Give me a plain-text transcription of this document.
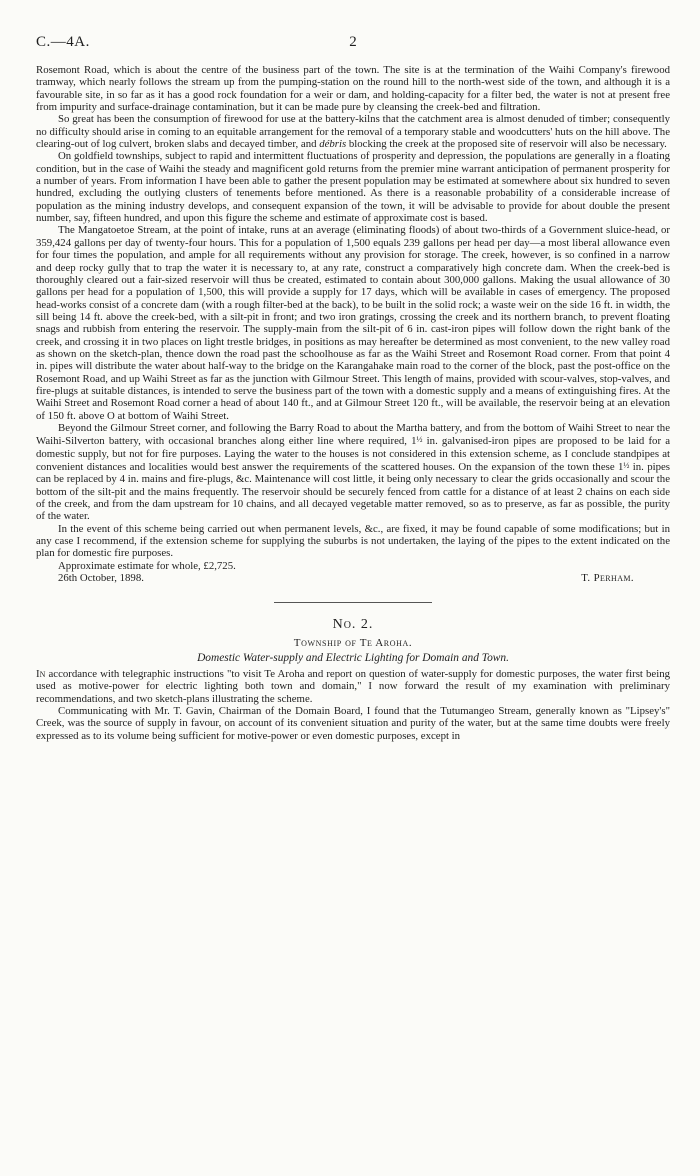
C.—4A.	2

Rosemont Road, which is about the centre of the business part of the town. The site is at the termination of the Waihi Company's firewood tramway, which nearly follows the stream up from the pumping-station on the round hill to the north-west side of the town, and although it is a favourable site, in so far as it has a good rock foundation for a weir or dam, and holding-capacity for a filter bed, the water is not at present free from impurity and surface-drainage contamination, but it can be made pure by cleansing the creek-bed and filtration.

So great has been the consumption of firewood for use at the battery-kilns that the catchment area is almost denuded of timber; consequently no difficulty should arise in coming to an equitable arrangement for the removal of a temporary stable and woodcutters' huts on the hill above. The clearing-out of log culvert, broken slabs and decayed timber, and débris blocking the creek at the proposed site of reservoir will also be necessary.

On goldfield townships, subject to rapid and intermittent fluctuations of prosperity and depression, the populations are generally in a floating condition, but in the case of Waihi the steady and magnificent gold returns from the premier mine warrant anticipation of permanent prosperity for a number of years. From information I have been able to gather the present population may be estimated at somewhere about six hundred to seven hundred, excluding the outlying clusters of tenements before mentioned. As there is a reasonable probability of a considerable increase of population as the mining industry develops, and consequent expansion of the town, it will be advisable to provide for about double the present number, say, fifteen hundred, and upon this figure the scheme and estimate of approximate cost is based.

The Mangatoetoe Stream, at the point of intake, runs at an average (eliminating floods) of about two-thirds of a Government sluice-head, or 359,424 gallons per day of twenty-four hours. This for a population of 1,500 equals 239 gallons per head per day—a most liberal allowance even for four times the population, and ample for all requirements without any provision for storage. The creek, however, is so confined in a narrow and deep rocky gully that to trap the water it is necessary to, at any rate, construct a comparatively high concrete dam. When the creek-bed is thoroughly cleared out a fair-sized reservoir will thus be created, estimated to contain about 300,000 gallons. Making the usual allowance of 30 gallons per head for a population of 1,500, this will provide a supply for 17 days, which will be available in cases of emergency. The proposed head-works consist of a concrete dam (with a rough filter-bed at the back), to be built in the solid rock; a waste weir on the side 16 ft. in width, the sill being 14 ft. above the creek-bed, with a silt-pit in front; and two iron gratings, crossing the creek and its northern branch, to prevent floating snags and rubbish from entering the reservoir. The supply-main from the silt-pit of 6 in. cast-iron pipes will follow down the right bank of the creek, and crossing it in two places on light trestle bridges, in positions as may hereafter be determined as most convenient, to the new valley road as shown on the sketch-plan, thence down the road past the schoolhouse as far as the Waihi Street and Rosemont Road corner. From that point 4 in. pipes will distribute the water about half-way to the bridge on the Karangahake main road to the corner of the block, past the post-office on the Rosemont Road, and up Waihi Street as far as the junction with Gilmour Street. This length of mains, provided with scour-valves, stop-valves, and fire-plugs at suitable distances, is intended to serve the business part of the town with a domestic supply and a means of extinguishing fires. At the Waihi Street and Rosemont Road corner a head of about 140 ft., and at Gilmour Street 120 ft., will be available, the reservoir being at an elevation of 150 ft. above O at bottom of Waihi Street.

Beyond the Gilmour Street corner, and following the Barry Road to about the Martha battery, and from the bottom of Waihi Street to near the Waihi-Silverton battery, with occasional branches along either line where required, 1½ in. galvanised-iron pipes are proposed to be laid for a domestic supply, but not for fire purposes. Laying the water to the houses is not considered in this extension scheme, as I conclude standpipes at convenient distances and localities would best answer the requirements of the scattered houses. On the expansion of the town these 1½ in. pipes can be replaced by 4 in. mains and fire-plugs, &c. Maintenance will cost little, it being only necessary to clear the grids occasionally and scour the bottom of the silt-pit and the mains frequently. The reservoir should be securely fenced from cattle for a distance of at least 2 chains on each side of the creek, and from the dam upstream for 10 chains, and all decayed vegetable matter removed, so as to preserve, as far as possible, the purity of the water.

In the event of this scheme being carried out when permanent levels, &c., are fixed, it may be found capable of some modifications; but in any case I recommend, if the extension scheme for supplying the suburbs is not undertaken, the laying of the pipes to the extent indicated on the plan for domestic fire purposes.

Approximate estimate for whole, £2,725.

26th October, 1898.	T. Perham.
No. 2.
Township of Te Aroha.
Domestic Water-supply and Electric Lighting for Domain and Town.

In accordance with telegraphic instructions "to visit Te Aroha and report on question of water-supply for domestic purposes, the water first being used as motive-power for electric lighting both town and domain," I now forward the result of my examination with preliminary recommendations, and two sketch-plans illustrating the scheme.

Communicating with Mr. T. Gavin, Chairman of the Domain Board, I found that the Tutumangeo Stream, generally known as "Lipsey's" Creek, was the source of supply in favour, on account of its convenient situation and purity of the water, but at the same time doubts were freely expressed as to its volume being sufficient for motive-power or even domestic purposes, except in
